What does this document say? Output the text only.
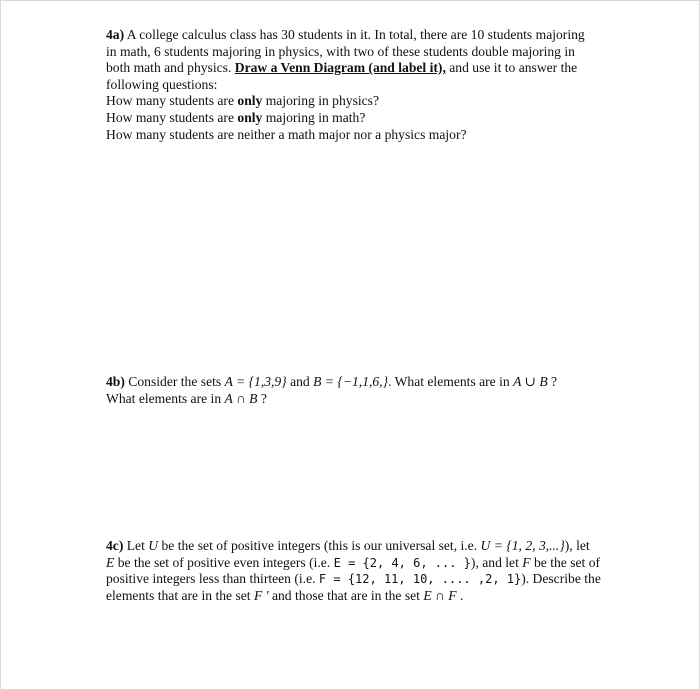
4a) A college calculus class has 30 students in it. In total, there are 10 students majoring
in math, 6 students majoring in physics, with two of these students double majoring in
both math and physics. Draw a Venn Diagram (and label it), and use it to answer the
following questions:
How many students are only majoring in physics?
How many students are only majoring in math?
How many students are neither a math major nor a physics major?
4b) Consider the sets A = {1,3,9} and B = {−1,1,6,}. What elements are in A ∪ B ?
What elements are in A ∩ B ?
4c) Let U be the set of positive integers (this is our universal set, i.e. U = {1, 2, 3,...}), let
E be the set of positive even integers (i.e. E = {2, 4, 6, ... }), and let F be the set of
positive integers less than thirteen (i.e. F = {12, 11, 10, .... ,2, 1}). Describe the
elements that are in the set F ' and those that are in the set E ∩ F .
